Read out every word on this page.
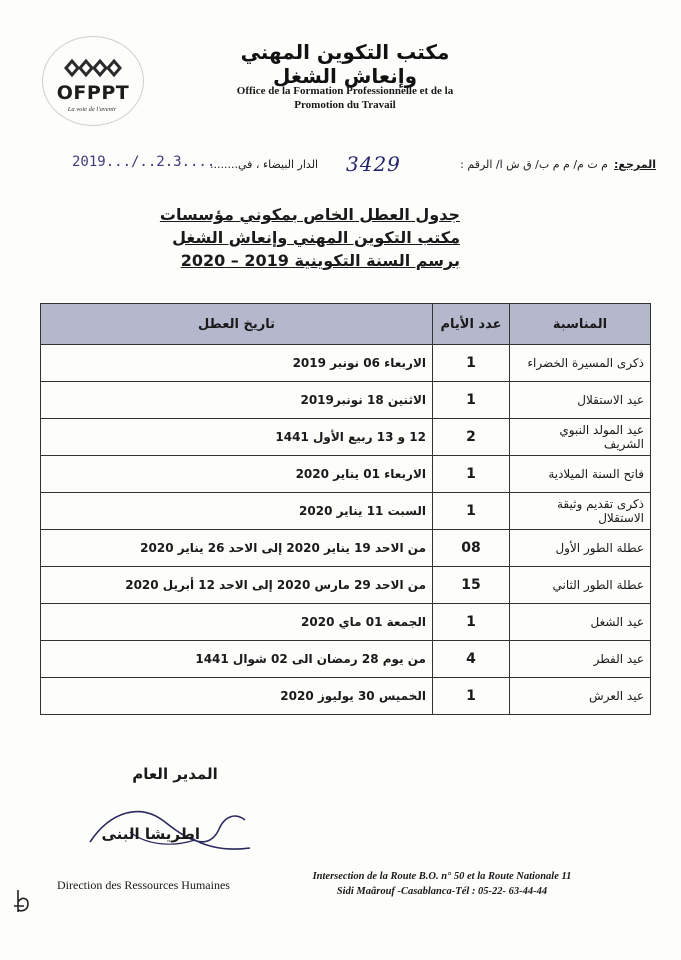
OFPPT
La voie de l'avenir
مكتب التكوين المهني وإنعاش الشغل
Office de la Formation Professionnelle et de la
Promotion du Travail
المرجع:
م ت م/ م م ب/ ق ش ا/ الرقم :
3429
الدار البيضاء ، في........
2019.../..2.3....
جدول العطل الخاص بمكوني مؤسسات
مكتب التكوين المهني وإنعاش الشغل
برسم السنة التكوينية 2019 – 2020
المناسبة	عدد الأيام	تاريخ العطل
ذكرى المسيرة الخضراء	1	الاربعاء 06 نونبر 2019
عيد الاستقلال	1	الاثنين 18 نونبر2019
عيد المولد النبوي الشريف	2	12 و 13 ربيع الأول 1441
فاتح السنة الميلادية	1	الاربعاء 01 يناير 2020
ذكرى تقديم وثيقة الاستقلال	1	السبت 11 يناير 2020
عطلة الطور الأول	08	من الاحد 19 يناير 2020 إلى الاحد 26 يناير 2020
عطلة الطور الثاني	15	من الاحد 29 مارس 2020 إلى الاحد 12 أبريل 2020
عيد الشغل	1	الجمعة 01 ماي 2020
عيد الفطر	4	من يوم 28 رمضان الى 02 شوال 1441
عيد العرش	1	الخميس 30 يوليوز 2020
المدير العام
اطريشا البنى
Direction des Ressources Humaines
Intersection de la Route B.O. n° 50 et la Route Nationale 11
Sidi Maârouf -Casablanca-Tél : 05-22- 63-44-44
